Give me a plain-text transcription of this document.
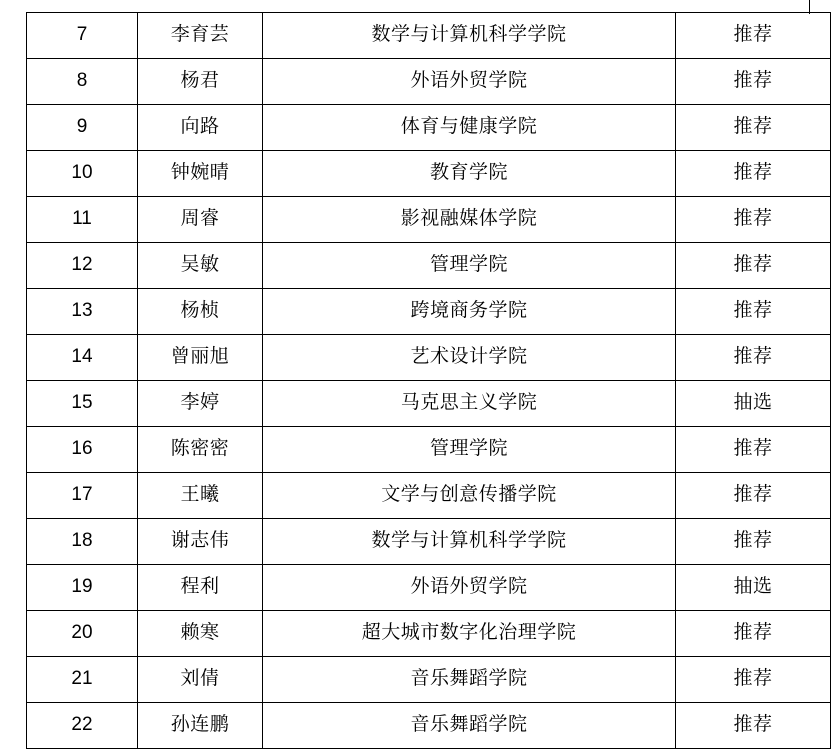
7	李育芸	数学与计算机科学学院	推荐
8	杨君	外语外贸学院	推荐
9	向路	体育与健康学院	推荐
10	钟婉晴	教育学院	推荐
11	周睿	影视融媒体学院	推荐
12	吴敏	管理学院	推荐
13	杨桢	跨境商务学院	推荐
14	曾丽旭	艺术设计学院	推荐
15	李婷	马克思主义学院	抽选
16	陈密密	管理学院	推荐
17	王曦	文学与创意传播学院	推荐
18	谢志伟	数学与计算机科学学院	推荐
19	程利	外语外贸学院	抽选
20	赖寒	超大城市数字化治理学院	推荐
21	刘倩	音乐舞蹈学院	推荐
22	孙连鹏	音乐舞蹈学院	推荐
